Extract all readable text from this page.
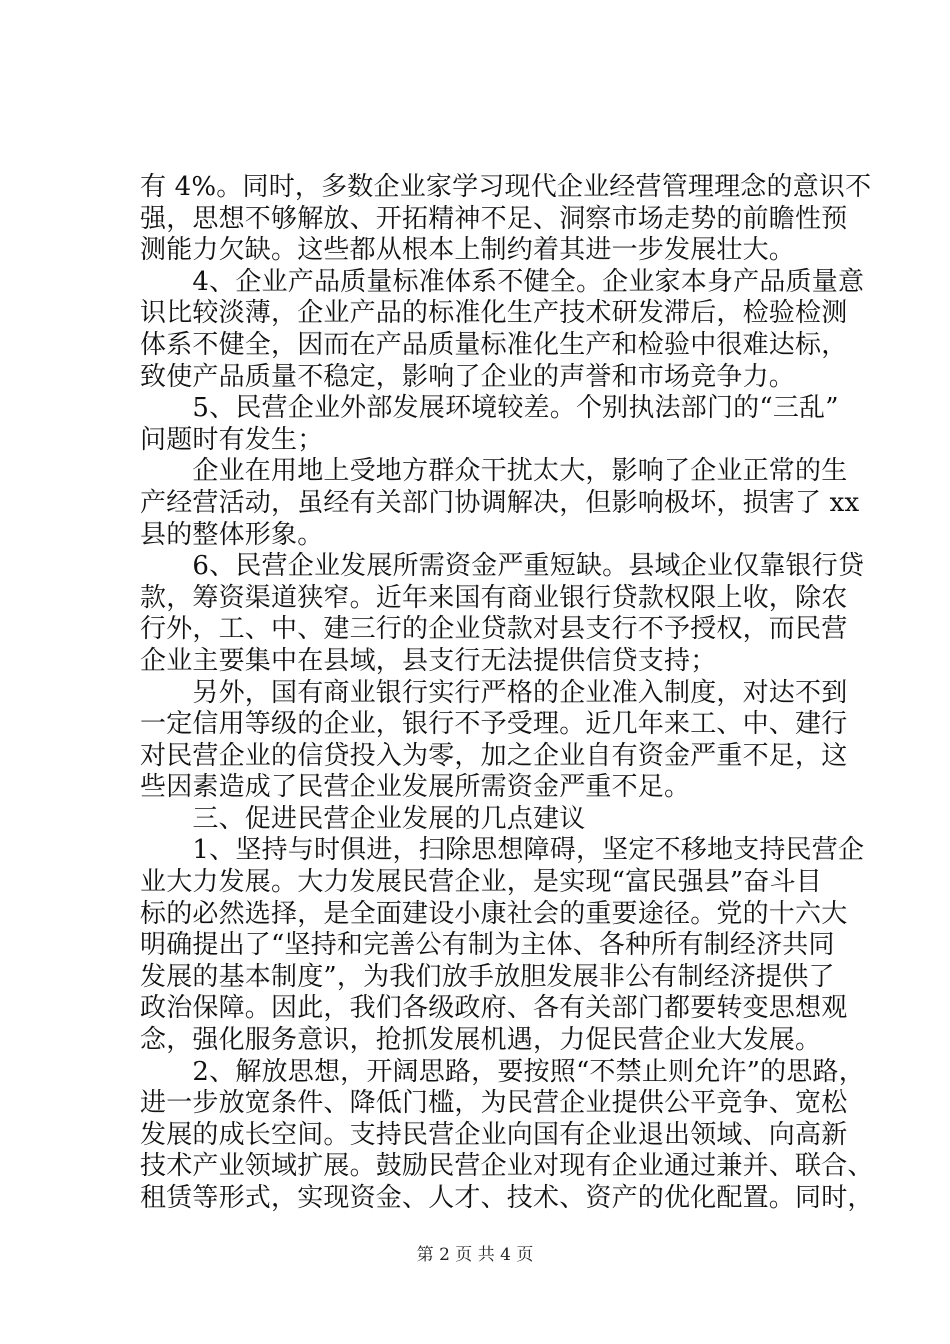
有 4%。同时，多数企业家学习现代企业经营管理理念的意识不
强，思想不够解放、开拓精神不足、洞察市场走势的前瞻性预
测能力欠缺。这些都从根本上制约着其进一步发展壮大。
　　4、企业产品质量标准体系不健全。企业家本身产品质量意
识比较淡薄，企业产品的标准化生产技术研发滞后，检验检测
体系不健全，因而在产品质量标准化生产和检验中很难达标，
致使产品质量不稳定，影响了企业的声誉和市场竞争力。
　　5、民营企业外部发展环境较差。个别执法部门的“三乱”
问题时有发生；
　　企业在用地上受地方群众干扰太大，影响了企业正常的生
产经营活动，虽经有关部门协调解决，但影响极坏，损害了 xx
县的整体形象。
　　6、民营企业发展所需资金严重短缺。县域企业仅靠银行贷
款，筹资渠道狭窄。近年来国有商业银行贷款权限上收，除农
行外，工、中、建三行的企业贷款对县支行不予授权，而民营
企业主要集中在县域，县支行无法提供信贷支持；
　　另外，国有商业银行实行严格的企业准入制度，对达不到
一定信用等级的企业，银行不予受理。近几年来工、中、建行
对民营企业的信贷投入为零，加之企业自有资金严重不足，这
些因素造成了民营企业发展所需资金严重不足。
　　三、促进民营企业发展的几点建议
　　1、坚持与时俱进，扫除思想障碍，坚定不移地支持民营企
业大力发展。大力发展民营企业，是实现“富民强县”奋斗目
标的必然选择，是全面建设小康社会的重要途径。党的十六大
明确提出了“坚持和完善公有制为主体、各种所有制经济共同
发展的基本制度”，为我们放手放胆发展非公有制经济提供了
政治保障。因此，我们各级政府、各有关部门都要转变思想观
念，强化服务意识，抢抓发展机遇，力促民营企业大发展。
　　2、解放思想，开阔思路，要按照“不禁止则允许”的思路，
进一步放宽条件、降低门槛，为民营企业提供公平竞争、宽松
发展的成长空间。支持民营企业向国有企业退出领域、向高新
技术产业领域扩展。鼓励民营企业对现有企业通过兼并、联合、
租赁等形式，实现资金、人才、技术、资产的优化配置。同时，
第 2 页 共 4 页
